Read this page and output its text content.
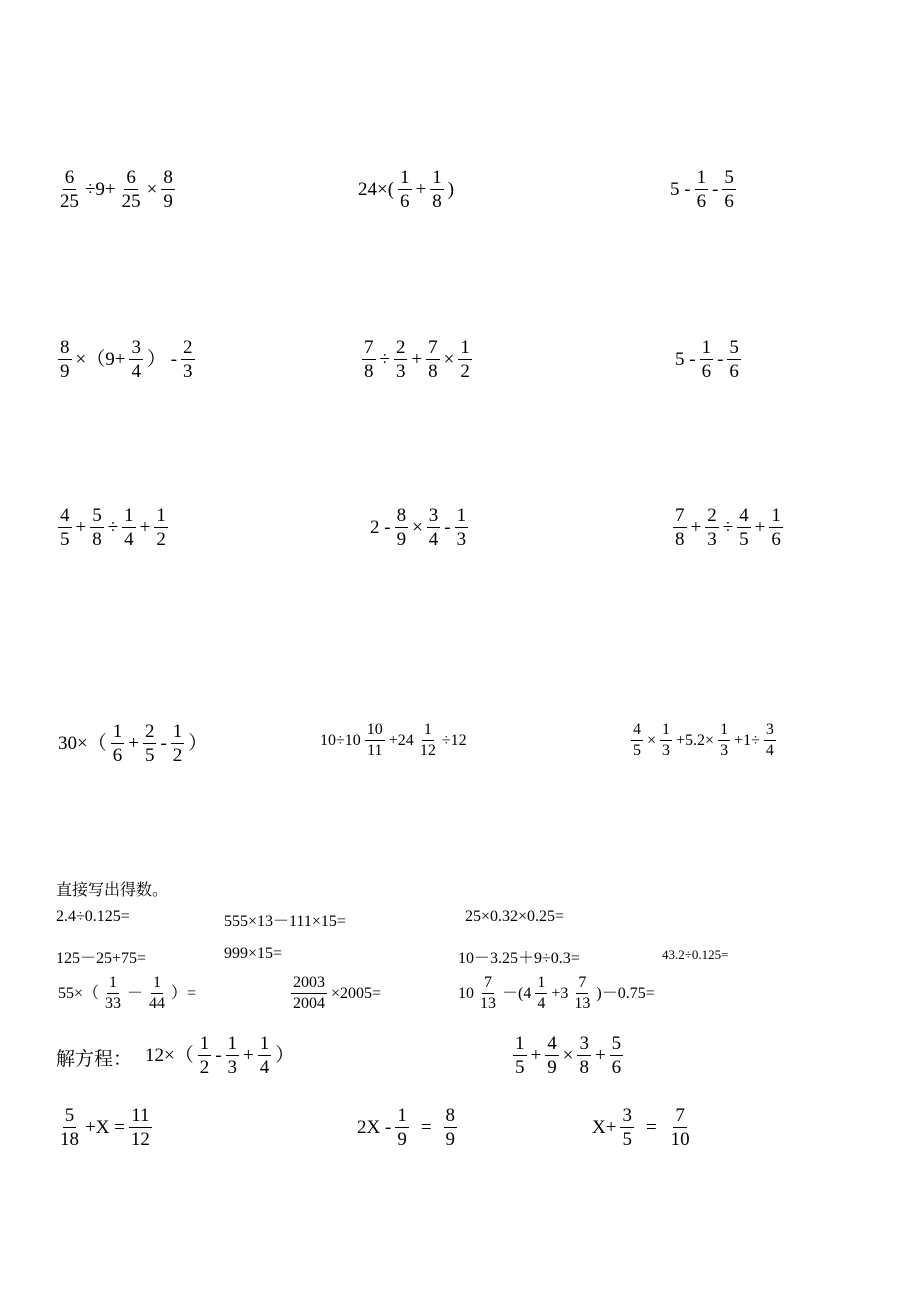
$\frac{6}{25} \div 9+ \frac{6}{25} \times \frac{8}{9}$	$24\times( \frac{1}{6} + \frac{1}{8}$ )	$5 - \frac{1}{6} - \frac{5}{6}$
$\frac{8}{9} \times(9+ \frac{3}{4}$ ） - $\frac{2}{3}$	$\frac{7}{8} \div \frac{2}{3} + \frac{7}{8} \times \frac{1}{2}$	$5 - \frac{1}{6} - \frac{5}{6}$
$\frac{4}{5} + \frac{5}{8} \div \frac{1}{4} + \frac{1}{2}$	$2 - \frac{8}{9} \times \frac{3}{4} - \frac{1}{3}$	$\frac{7}{8} + \frac{2}{3} \div \frac{4}{5} + \frac{1}{6}$
$30\times( \frac{1}{6} + \frac{2}{5} - \frac{1}{2}$ ）	$10\div 10 \frac{10}{11} +24 \frac{1}{12} \div 12$	$\frac{4}{5} \times \frac{1}{3} +5.2\times \frac{1}{3} +1\div \frac{3}{4}$
直接写出得数。
2.4÷0.125=	555×13－111×15=	25×0.32×0.25=
125－25+75=	999×15=	10－3.25＋9÷0.3=	43.2÷0.125=
$55\times( \frac{1}{33} - \frac{1}{44}$ ）=	$\frac{2003}{2004} \times 2005=$	$10 \frac{7}{13} -(4 \frac{1}{4} +3 \frac{7}{13} )-0.75=$
解方程： $12\times( \frac{1}{2} - \frac{1}{3} + \frac{1}{4}$ ）	$\frac{1}{5} + \frac{4}{9} \times \frac{3}{8} + \frac{5}{6}$
$\frac{5}{18} +X = \frac{11}{12}$	$2X - \frac{1}{9} = \frac{8}{9}$	$X+ \frac{3}{5} = \frac{7}{10}$
